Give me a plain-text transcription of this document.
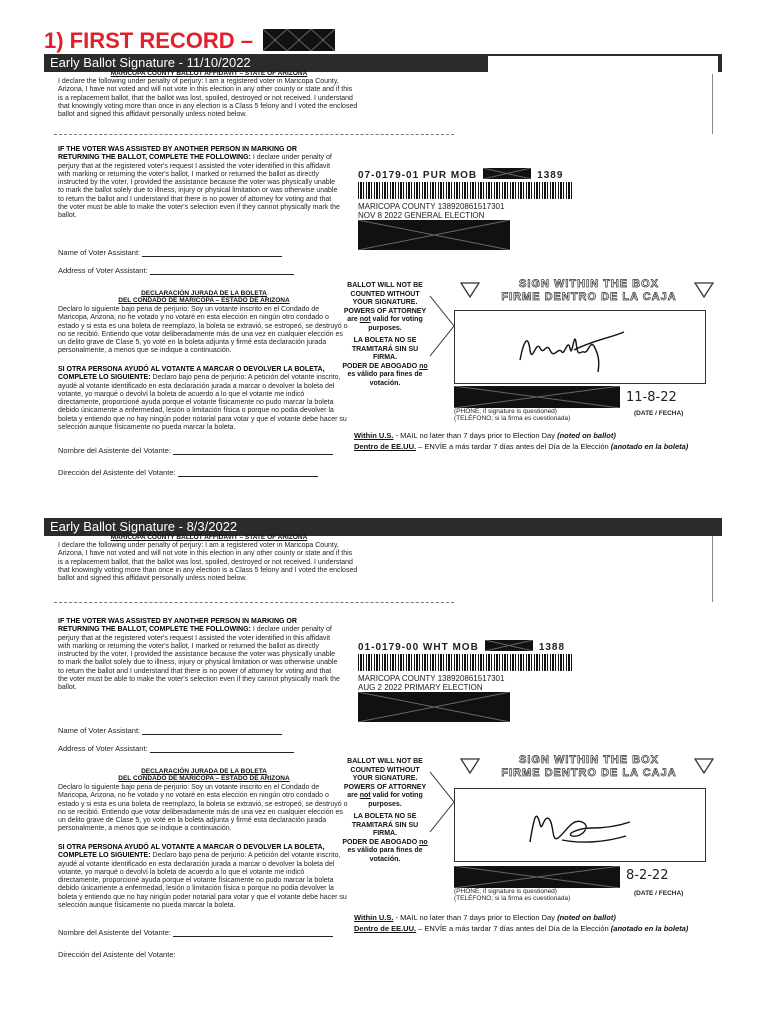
1) FIRST RECORD –
Early Ballot Signature - 11/10/2022
MARICOPA COUNTY BALLOT AFFIDAVIT – STATE OF ARIZONA

I declare the following under penalty of perjury: I am a registered voter in Maricopa County, Arizona, I have not voted and will not vote in this election in any other county or state and if this is a replacement ballot, that the ballot was lost, spoiled, destroyed or not received. I understand that knowingly voting more than once in any election is a Class 5 felony and I voted the enclosed ballot and signed this affidavit personally unless noted below.

IF THE VOTER WAS ASSISTED BY ANOTHER PERSON IN MARKING OR RETURNING THE BALLOT, COMPLETE THE FOLLOWING: I declare under penalty of perjury that at the registered voter's request I assisted the voter identified in this affidavit with marking or returning the voter's ballot, I marked or returned the ballot as directly instructed by the voter, I provided the assistance because the voter was physically unable to mark the ballot solely due to illness, injury or physical limitation or was otherwise unable to return the ballot and I understand that there is no power of attorney for voting and that the voter must be able to make the voter's selection even if they cannot physically mark the ballot.

Name of Voter Assistant:
Address of Voter Assistant:
DECLARACIÓN JURADA DE LA BOLETA
DEL CONDADO DE MARICOPA – ESTADO DE ARIZONA

Declaro lo siguiente bajo pena de perjurio: Soy un votante inscrito en el Condado de Maricopa, Arizona, no he votado y no votaré en esta elección en ningún otro condado o estado y si esta es una boleta de reemplazo, la boleta se extravió, se estropeó, se destruyó o no se recibió. Entiendo que votar deliberadamente más de una vez en cualquier elección es un delito grave de Clase 5, yo voté en la boleta adjunta y firmé esta declaración jurada personalmente, a menos que se indique a continuación.

SI OTRA PERSONA AYUDÓ AL VOTANTE A MARCAR O DEVOLVER LA BOLETA, COMPLETE LO SIGUIENTE: Declaro bajo pena de perjurio: A petición del votante inscrito, ayudé al votante identificado en esta declaración jurada a marcar o devolver la boleta del votante, yo marqué o devolví la boleta de acuerdo a lo que el votante me indicó directamente, proporcioné ayuda porque el votante físicamente no pudo marcar la boleta debido únicamente a enfermedad, lesión o limitación física o porque no podia devolver la boleta y entiendo que no hay ningún poder notarial para votar y que el votante debe hacer su selección aunque físicamente no pueda marcar la boleta.

Nombre del Asistente del Votante:
Dirección del Asistente del Votante:
07-0179-01 PUR MOB	1389
MARICOPA COUNTY 138920861517301
NOV 8 2022 GENERAL ELECTION
BALLOT WILL NOT BE COUNTED WITHOUT YOUR SIGNATURE.
POWERS OF ATTORNEY are not valid for voting purposes.
LA BOLETA NO SE TRAMITARÁ SIN SU FIRMA.
PODER DE ABOGADO no es válido para fines de votación.
SIGN WITHIN THE BOX
FIRME DENTRO DE LA CAJA
(PHONE; if signature is questioned)
(TELÉFONO; si la firma es cuestionada)
11-8-22
(DATE / FECHA)
Within U.S. - MAIL no later than 7 days prior to Election Day (noted on ballot)
Dentro de EE.UU. – ENVÍE a más tardar 7 días antes del Día de la Elección (anotado en la boleta)
Early Ballot Signature - 8/3/2022
MARICOPA COUNTY BALLOT AFFIDAVIT – STATE OF ARIZONA

I declare the following under penalty of perjury: I am a registered voter in Maricopa County, Arizona, I have not voted and will not vote in this election in any other county or state and if this is a replacement ballot, that the ballot was lost, spoiled, destroyed or not received. I understand that knowingly voting more than once in any election is a Class 5 felony and I voted the enclosed ballot and signed this affidavit personally unless noted below.

IF THE VOTER WAS ASSISTED BY ANOTHER PERSON IN MARKING OR RETURNING THE BALLOT, COMPLETE THE FOLLOWING: I declare under penalty of perjury that at the registered voter's request I assisted the voter identified in this affidavit with marking or returning the voter's ballot, I marked or returned the ballot as directly instructed by the voter, I provided the assistance because the voter was physically unable to mark the ballot solely due to illness, injury or physical limitation or was otherwise unable to return the ballot and I understand that there is no power of attorney for voting and that the voter must be able to make the voter's selection even if they cannot physically mark the ballot.

Name of Voter Assistant:
Address of Voter Assistant:
DECLARACIÓN JURADA DE LA BOLETA
DEL CONDADO DE MARICOPA – ESTADO DE ARIZONA

Declaro lo siguiente bajo pena de perjurio: Soy un votante inscrito en el Condado de Maricopa, Arizona, no he votado y no votaré en esta elección en ningún otro condado o estado y si esta es una boleta de reemplazo, la boleta se extravió, se estropeó, se destruyó o no se recibió. Entiendo que votar deliberadamente más de una vez en cualquier elección es un delito grave de Clase 5, yo voté en la boleta adjunta y firmé esta declaración jurada personalmente, a menos que se indique a continuación.

SI OTRA PERSONA AYUDÓ AL VOTANTE A MARCAR O DEVOLVER LA BOLETA, COMPLETE LO SIGUIENTE: Declaro bajo pena de perjurio: A petición del votante inscrito, ayudé al votante identificado en esta declaración jurada a marcar o devolver la boleta del votante, yo marqué o devolví la boleta de acuerdo a lo que el votante me indicó directamente, proporcioné ayuda porque el votante físicamente no pudo marcar la boleta debido únicamente a enfermedad, lesión o limitación física o porque no podia devolver la boleta y entiendo que no hay ningún poder notarial para votar y que el votante debe hacer su selección aunque físicamente no pueda marcar la boleta.

Nombre del Asistente del Votante:
Dirección del Asistente del Votante:
01-0179-00 WHT MOB	1388
MARICOPA COUNTY 138920861517301
AUG 2 2022 PRIMARY ELECTION
BALLOT WILL NOT BE COUNTED WITHOUT YOUR SIGNATURE.
POWERS OF ATTORNEY are not valid for voting purposes.
LA BOLETA NO SE TRAMITARÁ SIN SU FIRMA.
PODER DE ABOGADO no es válido para fines de votación.
SIGN WITHIN THE BOX
FIRME DENTRO DE LA CAJA
(PHONE; if signature is questioned)
(TELÉFONO; si la firma es cuestionada)
8-2-22
(DATE / FECHA)
Within U.S. - MAIL no later than 7 days prior to Election Day (noted on ballot)
Dentro de EE.UU. – ENVÍE a más tardar 7 días antes del Día de la Elección (anotado en la boleta)
